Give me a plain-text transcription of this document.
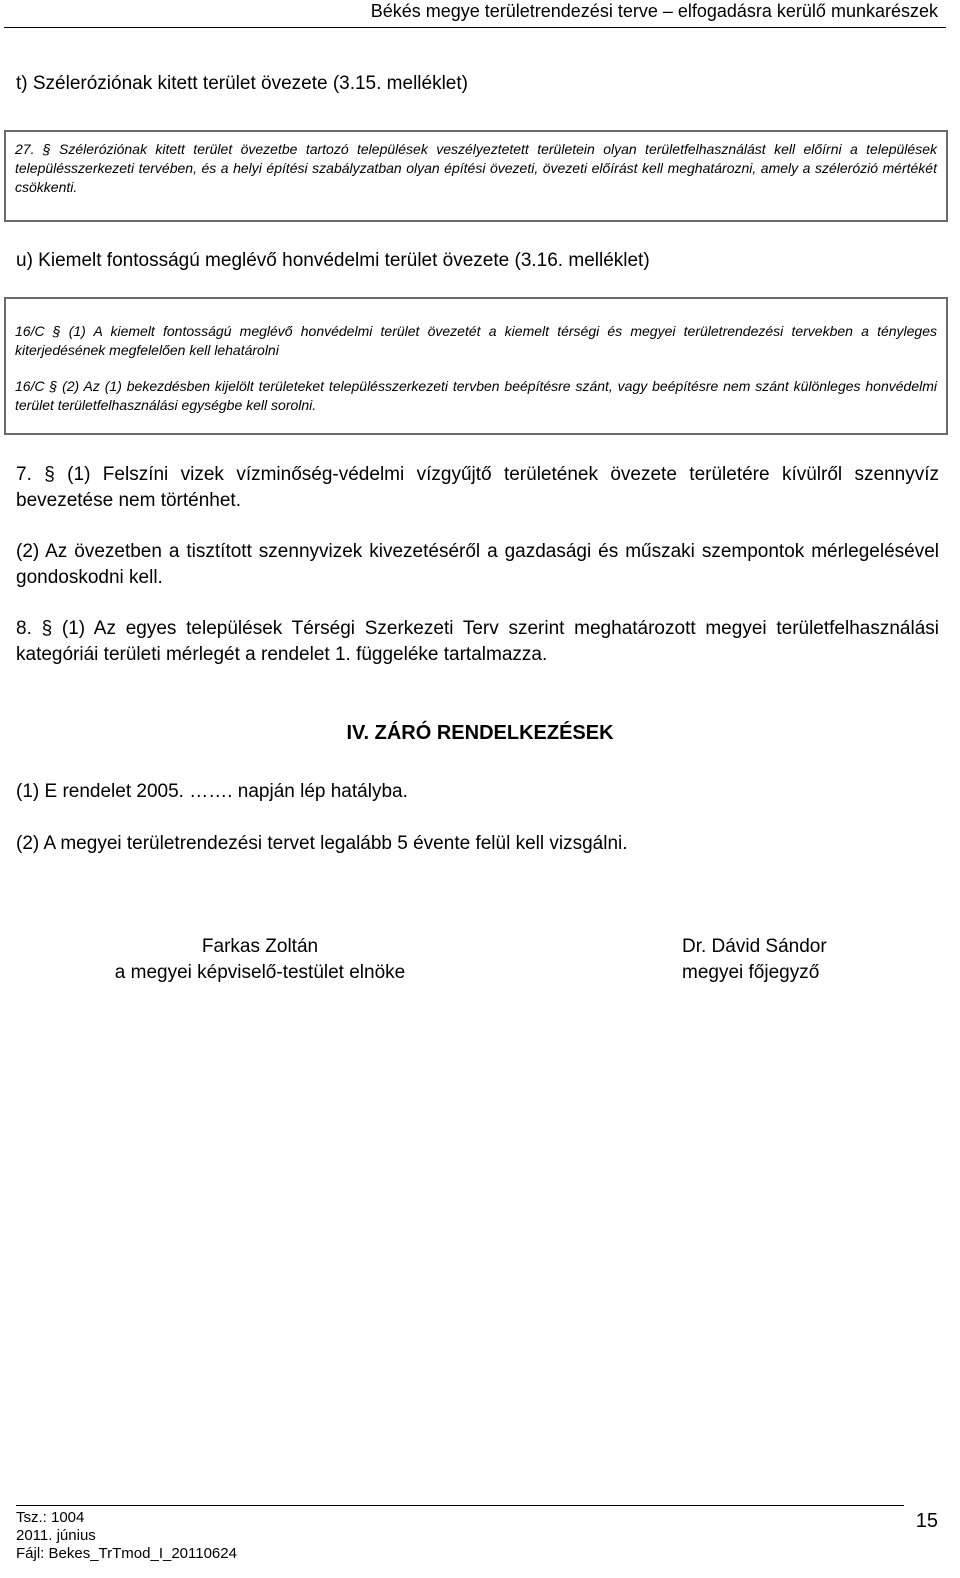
Békés megye területrendezési terve – elfogadásra kerülő munkarészek
t) Széleróziónak kitett terület övezete (3.15. melléklet)

27. § Széleróziónak kitett terület övezetbe tartozó települések veszélyeztetett területein olyan területfelhasználást kell előírni a települések településszerkezeti tervében, és a helyi építési szabályzatban olyan építési övezeti, övezeti előírást kell meghatározni, amely a szélerózió mértékét csökkenti.

u) Kiemelt fontosságú meglévő honvédelmi terület övezete (3.16. melléklet)

16/C § (1) A kiemelt fontosságú meglévő honvédelmi terület övezetét a kiemelt térségi és megyei területrendezési tervekben a tényleges kiterjedésének megfelelően kell lehatárolni

16/C § (2) Az (1) bekezdésben kijelölt területeket településszerkezeti tervben beépítésre szánt, vagy beépítésre nem szánt különleges honvédelmi terület területfelhasználási egységbe kell sorolni.

7. § (1) Felszíni vizek vízminőség-védelmi vízgyűjtő területének övezete területére kívülről szennyvíz bevezetése nem történhet.

(2) Az övezetben a tisztított szennyvizek kivezetéséről a gazdasági és műszaki szempontok mérlegelésével gondoskodni kell.

8. § (1) Az egyes települések Térségi Szerkezeti Terv szerint meghatározott megyei területfelhasználási kategóriái területi mérlegét a rendelet 1. függeléke tartalmazza.

IV. ZÁRÓ RENDELKEZÉSEK
(1) E rendelet 2005. ……. napján lép hatályba.
(2) A megyei területrendezési tervet legalább 5 évente felül kell vizsgálni.
Farkas Zoltán
a megyei képviselő-testület elnöke
Dr. Dávid Sándor
megyei főjegyző
Tsz.: 1004
2011. június
Fájl: Bekes_TrTmod_I_20110624
15
